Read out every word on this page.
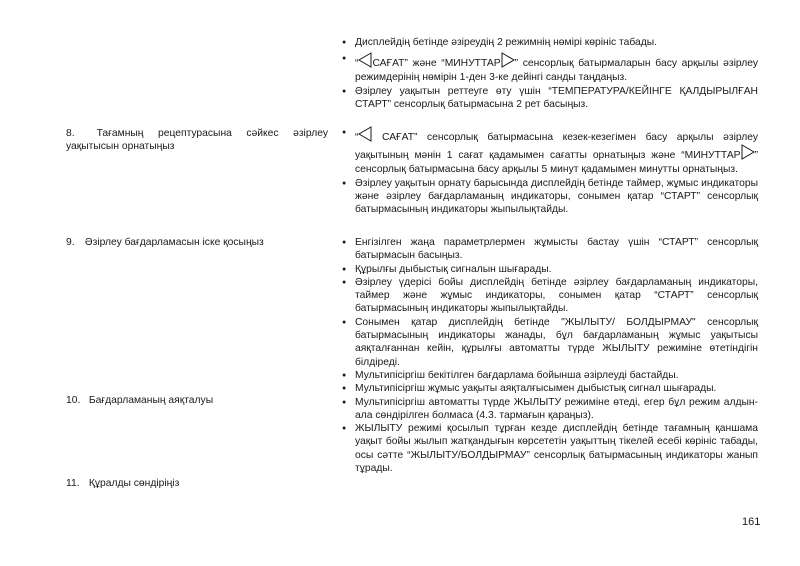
8. Тағамның рецептурасына сәйкес әзірлеу уақытысын орнатыңыз
9. Әзірлеу бағдарламасын іске қосыңыз
10. Бағдарламаның аяқталуы
11. Құралды сөндіріңіз

● Дисплейдің бетінде әзіреудің 2 режимнің нөмірі көрініс табады.

● “ САҒАТ” және “МИНУТТАР ” сенсорлық батырмаларын басу арқылы әзірлеу режимдерінің нөмірін 1-ден 3-ке дейінгі санды таңдаңыз.

● Әзірлеу уақытын реттеуге өту үшін “ТЕМПЕРАТУРА/КЕЙІНГЕ ҚАЛДЫРЫЛҒАН СТАРТ” сенсорлық батырмасына 2 рет басыңыз.

● “ САҒАТ” сенсорлық батырмасына кезек-кезегімен басу арқылы әзірлеу уақытының мәнін 1 сағат қадамымен сағатты орнатыңыз және “МИНУТТАР ” сенсорлық батырмасына басу арқылы 5 минут қадамымен минутты орнатыңыз.

● Әзірлеу уақытын орнату барысында дисплейдің бетінде таймер, жұмыс индикаторы және әзірлеу бағдарламаның индикаторы, сонымен қатар “СТАРТ” сенсорлық батырмасының индикаторы жыпылықтайды.

● Енгізілген жаңа параметрлермен жұмысты бастау үшін “СТАРТ” сенсорлық батырмасын басыңыз.

● Құрылғы дыбыстық сигналын шығарады.

● Әзірлеу үдерісі бойы дисплейдің бетінде әзірлеу бағдарламаның индикаторы, таймер және жұмыс индикаторы, сонымен қатар “СТАРТ” сенсорлық батырмасының индикаторы жыпылықтайды.

● Сонымен қатар дисплейдің бетінде "ЖЫЛЫТУ/ БОЛДЫРМАУ" сенсорлық батырмасының индикаторы жанады, бұл бағдарламаның жұмыс уақытысы аяқталғаннан кейін, құрылғы автоматты түрде ЖЫЛЫТУ режиміне өтетіндігін білдіреді.

● Мультипісіргіш бекітілген бағдарлама бойынша әзірлеуді бастайды.

● Мультипісіргіш жұмыс уақыты аяқталғысымен дыбыстық сигнал шығарады.

● Мультипісіргіш автоматты түрде ЖЫЛЫТУ режиміне өтеді, егер бұл режим алдын-ала сөндірілген болмаса (4.3. тармағын қараңыз).

● ЖЫЛЫТУ режимі қосылып тұрған кезде дисплейдің бетінде тағамның қаншама уақыт бойы жылып жатқандығын көрсететін уақыттың тікелей есебі көрініс табады, осы сәтте “ЖЫЛЫТУ/БОЛДЫРМАУ” сенсорлық батырмасының индикаторы жанып тұрады.

161
